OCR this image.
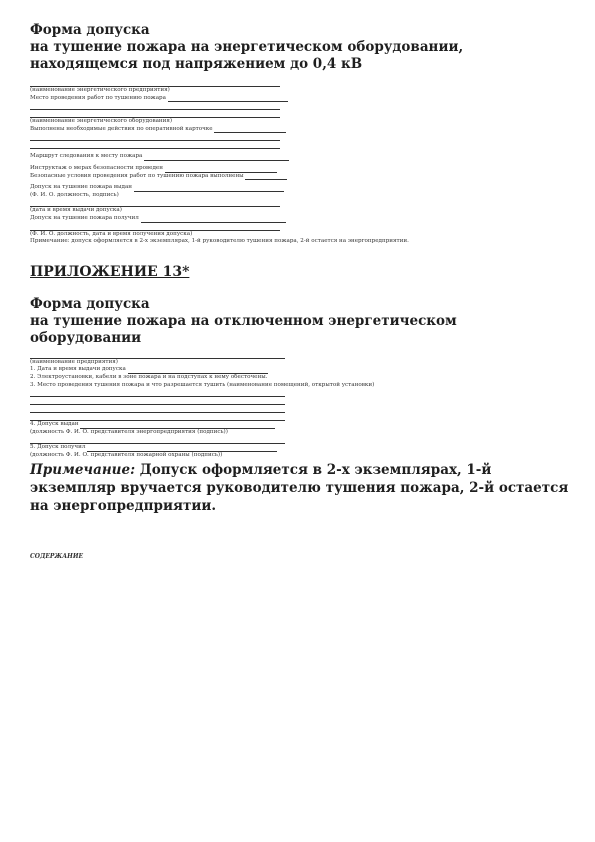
Форма допуска
на тушение пожара на энергетическом оборудовании,
находящемся под напряжением до 0,4 кВ
(наименование энергетического предприятия)
Место проведения работ по тушению пожара
(наименование энергетического оборудования)
Выполнены необходимые действия по оперативной карточке
Маршрут следования к месту пожара
Инструктаж о мерах безопасности проведен
Безопасные условия проведения работ по тушению пожара выполнены
Допуск на тушение пожара выдан
(Ф. И. О. должность, подпись)
(дата и время выдачи допуска)
Допуск на тушение пожара получил
(Ф. И. О. должность, дата и время получения допуска)
Примечание: допуск оформляется в 2-х экземплярах, 1-й руководителю тушения пожара, 2-й остается на энергопредприятии.
ПРИЛОЖЕНИЕ 13*
Форма допуска
на тушение пожара на отключенном энергетическом оборудовании
(наименование предприятия)
1. Дата и время выдачи допуска
2. Электроустановки, кабели в зоне пожара и на подступах к нему обесточены.
3. Место проведения тушения пожара и что разрешается тушить (наименование помещений, открытой установки)
4. Допуск выдан
(должность Ф. И. О. представителя энергопредприятия (подпись))
5. Допуск получил
(должность Ф. И. О. представителя пожарной охраны (подпись))
Примечание: Допуск оформляется в 2-х экземплярах, 1-й экземпляр вручается руководителю тушения пожара, 2-й остается на энергопредприятии.
СОДЕРЖАНИЕ
